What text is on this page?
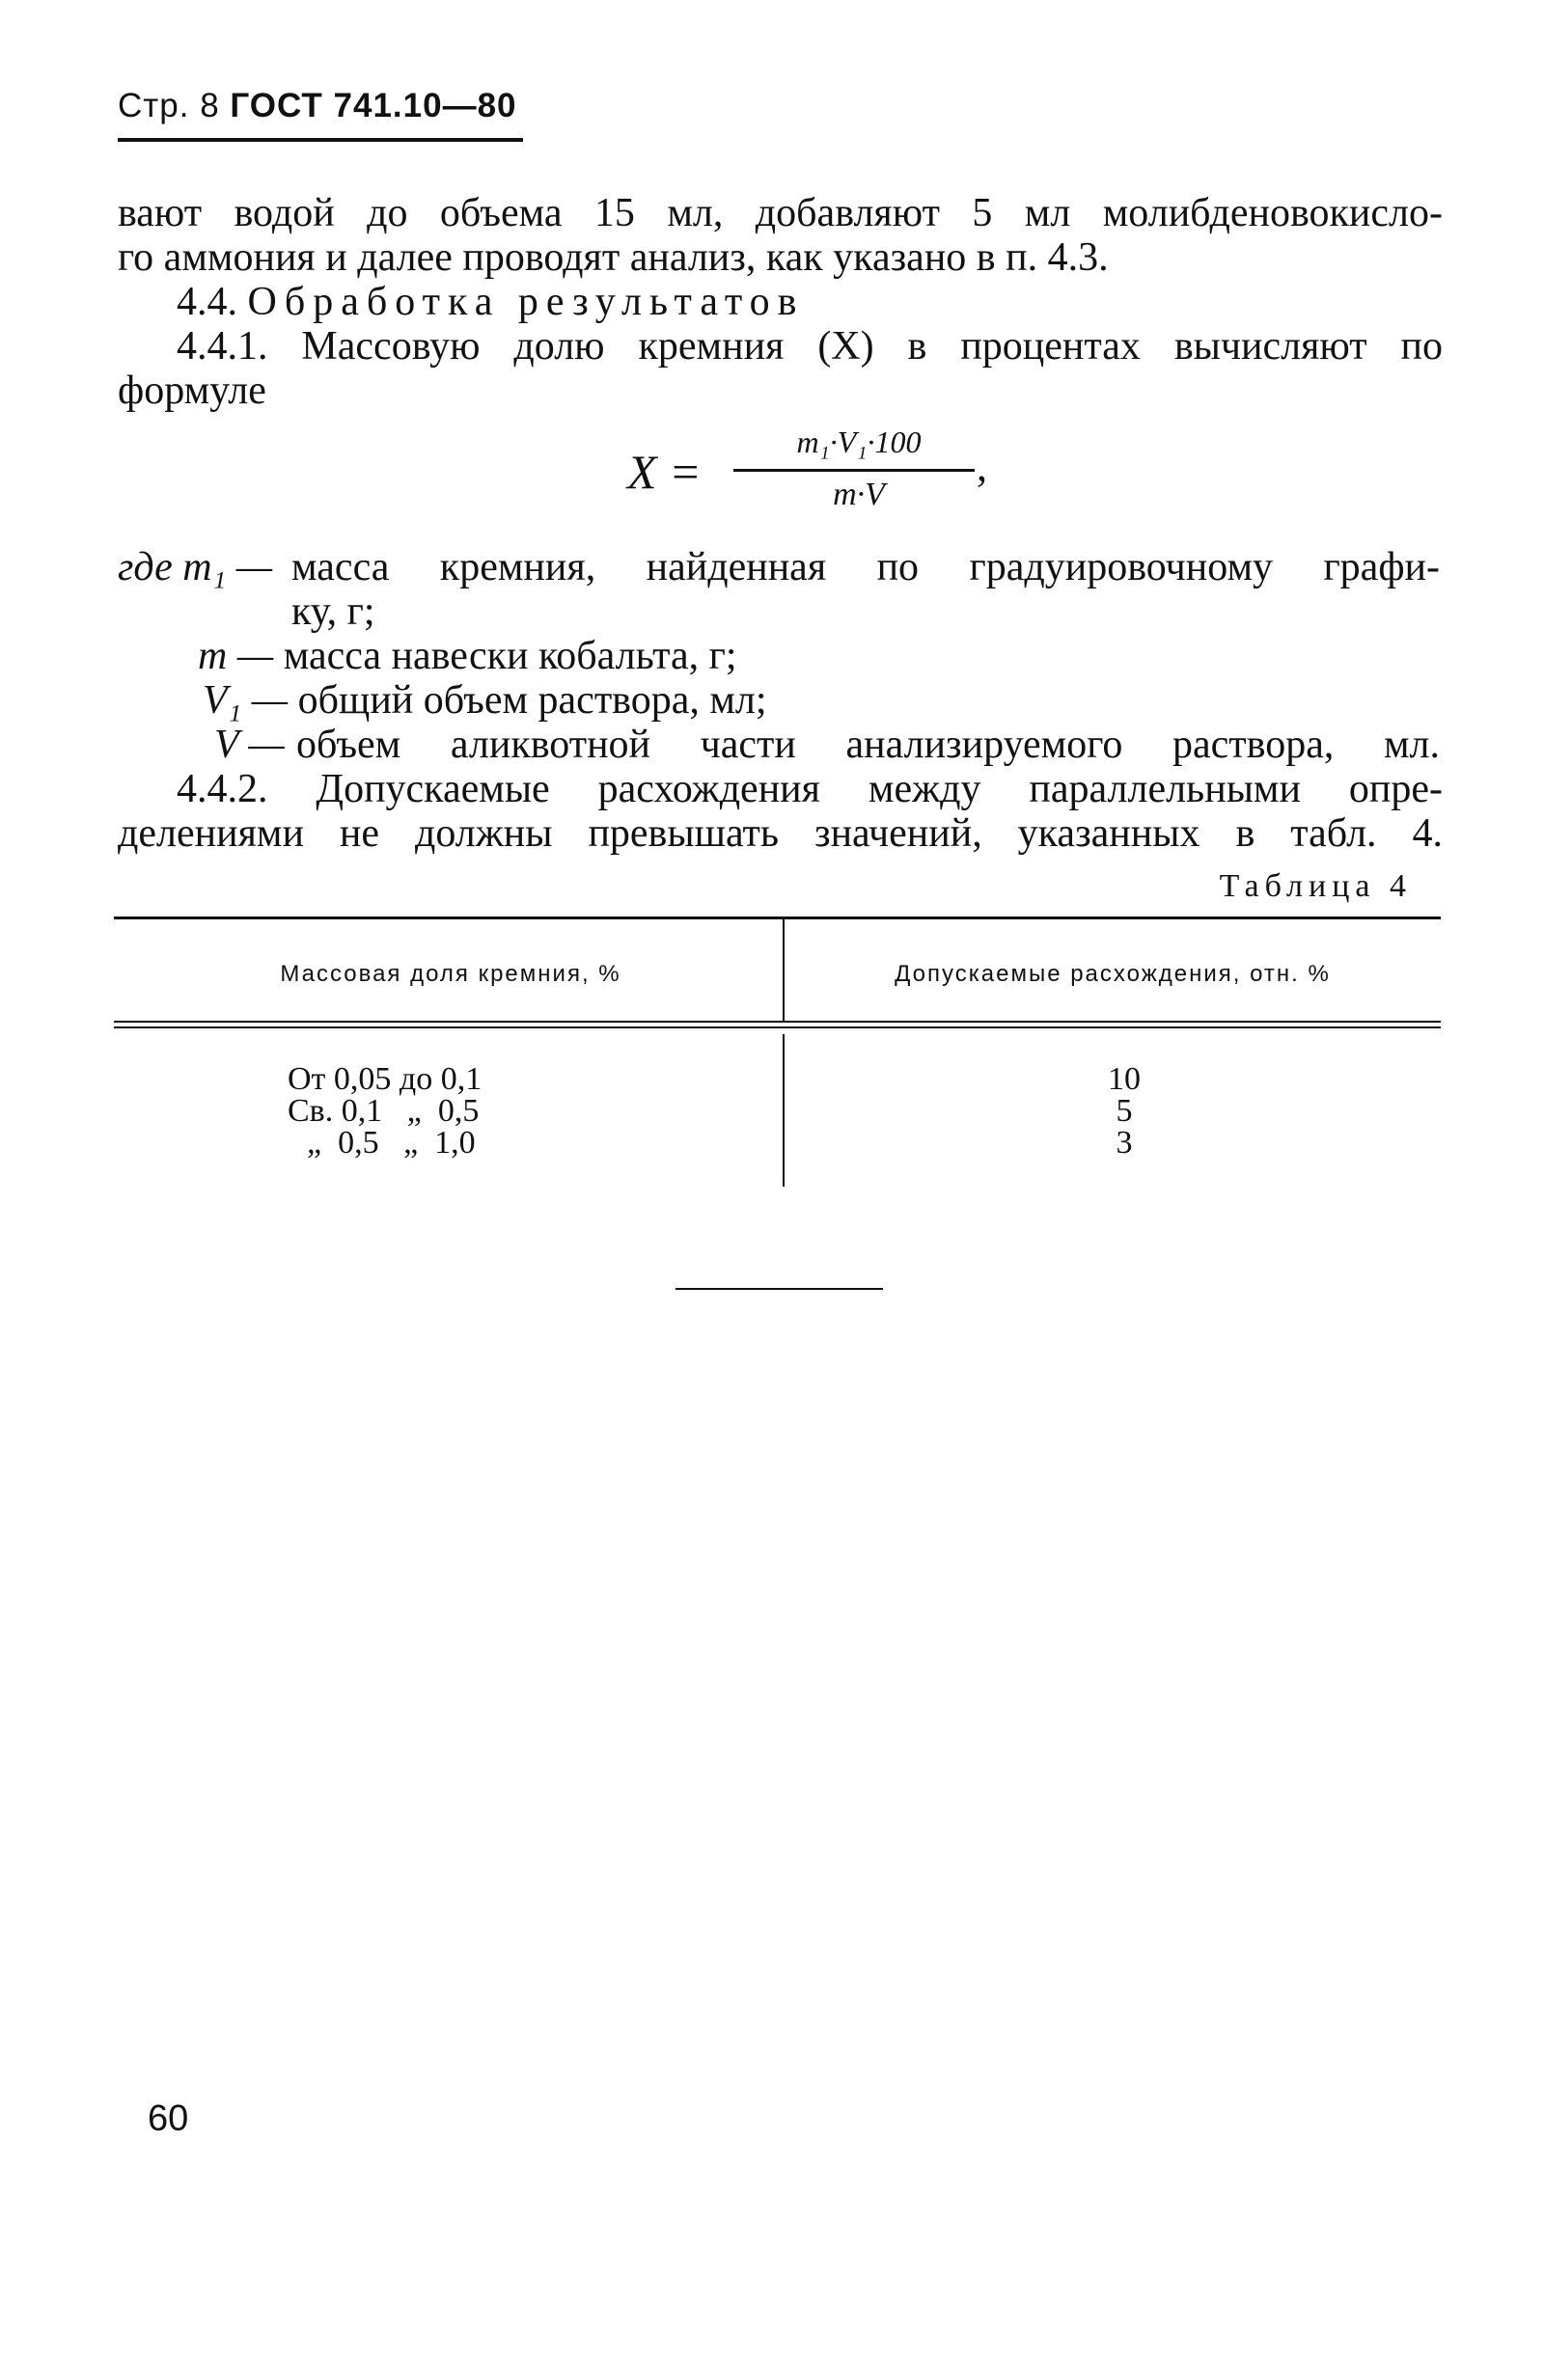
Стр. 8 ГОСТ 741.10—80
вают водой до объема 15 мл, добавляют 5 мл молибденовокисло-
го аммония и далее проводят анализ, как указано в п. 4.3.
4.4. Обработка результатов
4.4.1. Массовую долю кремния (X) в процентах вычисляют по
формуле
X =
m₁·V₁·100
m·V
,
где m₁ — масса кремния, найденная по градуировочному графи-
ку, г;
m — масса навески кобальта, г;
V₁ — общий объем раствора, мл;
V — объем аликвотной части анализируемого раствора, мл.
4.4.2. Допускаемые расхождения между параллельными опре-
делениями не должны превышать значений, указанных в табл. 4.
Таблица 4
Массовая доля кремния, %	Допускаемые расхождения, отн. %
От 0,05 до 0,1	10
Св. 0,1   „  0,5	5
„  0,5   „  1,0	3
60
